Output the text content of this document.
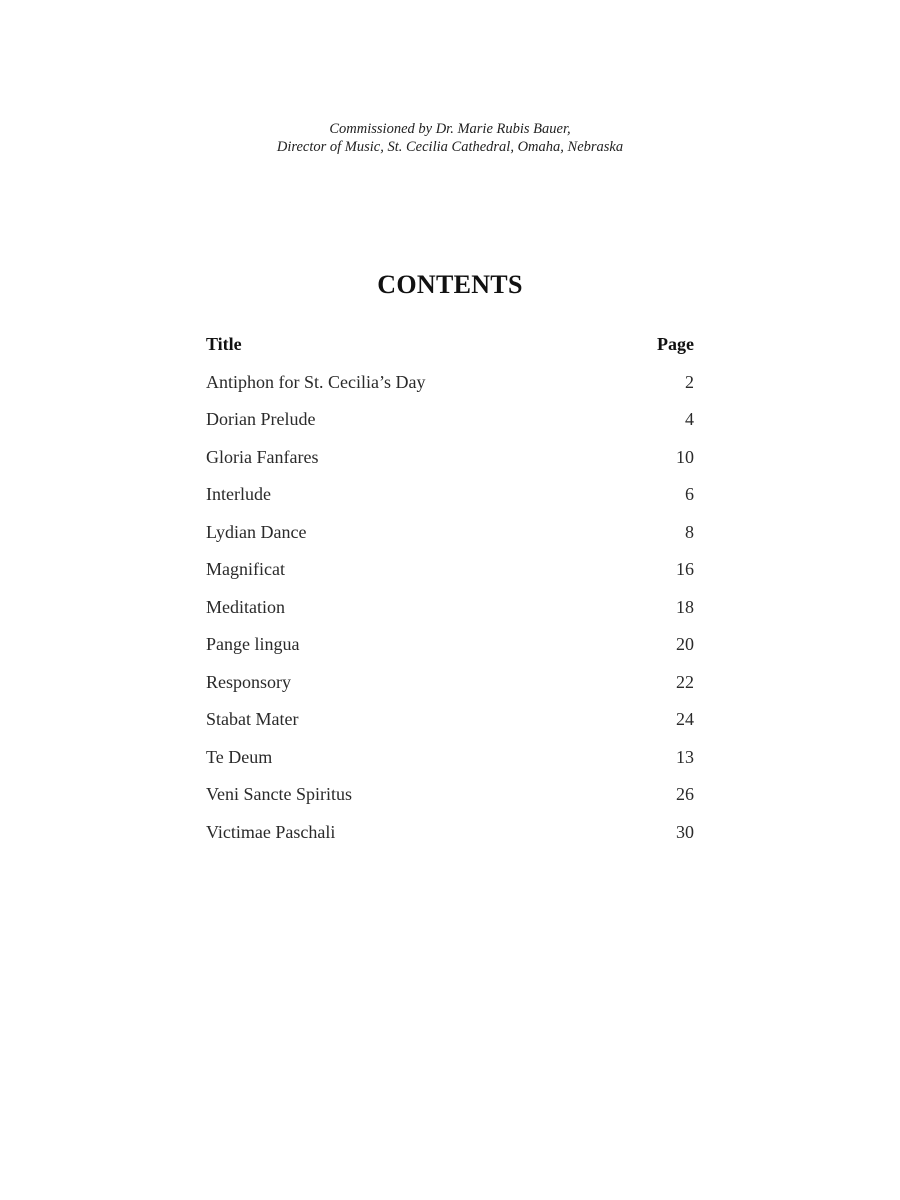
Commissioned by Dr. Marie Rubis Bauer,
Director of Music, St. Cecilia Cathedral, Omaha, Nebraska
CONTENTS
Title	Page
Antiphon for St. Cecilia’s Day	2
Dorian Prelude	4
Gloria Fanfares	10
Interlude	6
Lydian Dance	8
Magnificat	16
Meditation	18
Pange lingua	20
Responsory	22
Stabat Mater	24
Te Deum	13
Veni Sancte Spiritus	26
Victimae Paschali	30
